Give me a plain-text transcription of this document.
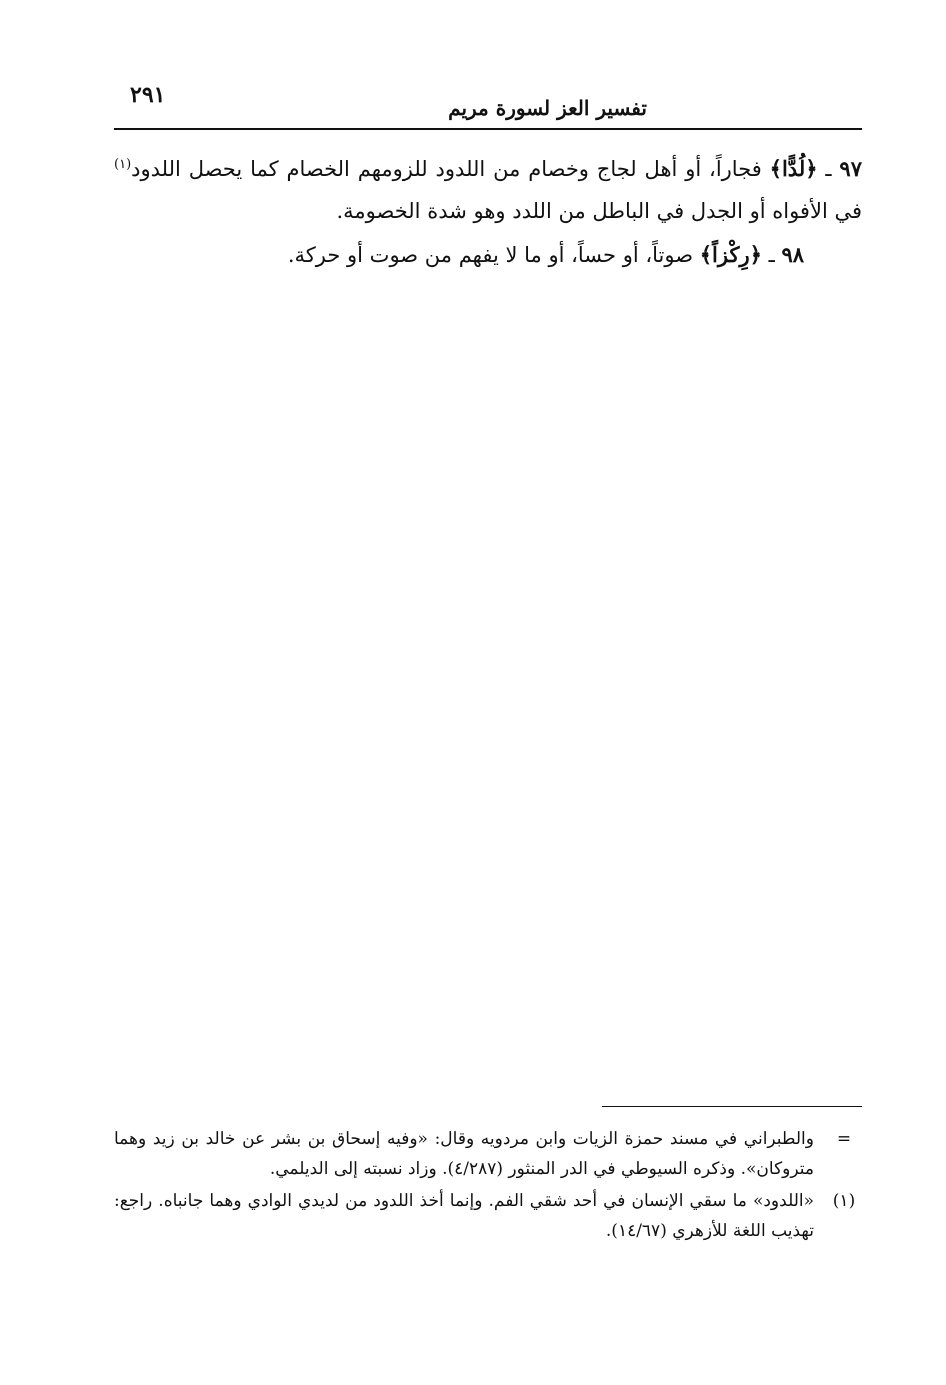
تفسير العز لسورة مريم
٢٩١

٩٧ ـ ﴿لُدًّا﴾ فجاراً، أو أهل لجاج وخصام من اللدود للزومهم الخصام كما يحصل اللدود$^{(١)}$ في الأفواه أو الجدل في الباطل من اللدد وهو شدة الخصومة.

٩٨ ـ ﴿رِكْزاً﴾ صوتاً، أو حساً، أو ما لا يفهم من صوت أو حركة.

=
والطبراني في مسند حمزة الزيات وابن مردويه وقال: «وفيه إسحاق بن بشر عن خالد بن زيد وهما متروكان». وذكره السيوطي في الدر المنثور (٤/٢٨٧). وزاد نسبته إلى الديلمي.
(١)
«اللدود» ما سقي الإنسان في أحد شقي الفم. وإنما أخذ اللدود من لديدي الوادي وهما جانباه. راجع: تهذيب اللغة للأزهري (١٤/٦٧).
